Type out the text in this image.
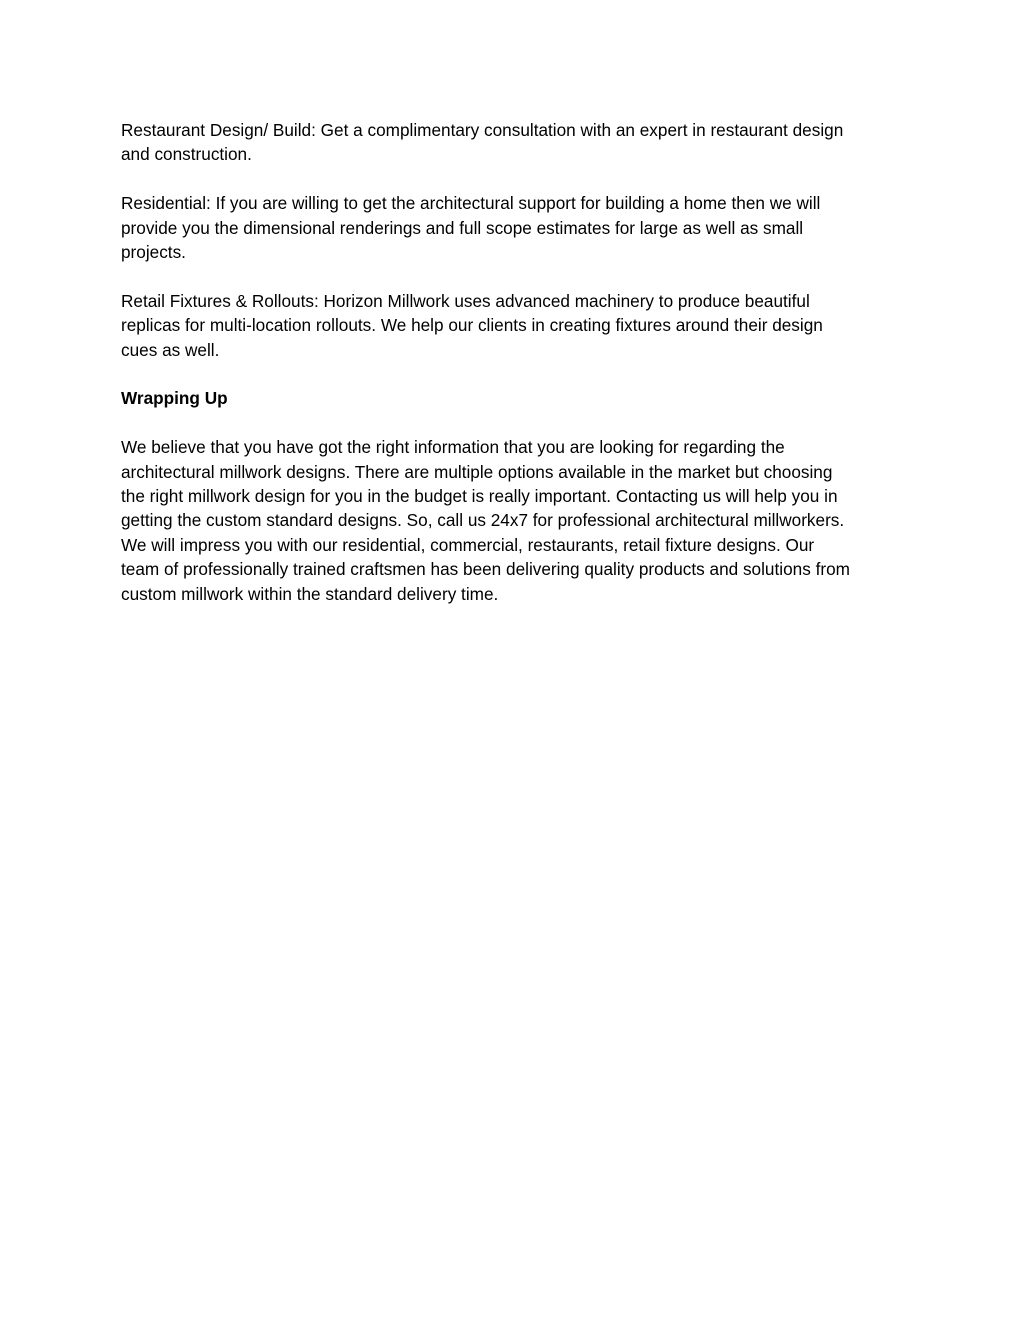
Restaurant Design/ Build: Get a complimentary consultation with an expert in restaurant design
and construction.

Residential: If you are willing to get the architectural support for building a home then we will
provide you the dimensional renderings and full scope estimates for large as well as small
projects.

Retail Fixtures & Rollouts: Horizon Millwork uses advanced machinery to produce beautiful
replicas for multi-location rollouts. We help our clients in creating fixtures around their design
cues as well.

Wrapping Up

We believe that you have got the right information that you are looking for regarding the
architectural millwork designs. There are multiple options available in the market but choosing
the right millwork design for you in the budget is really important. Contacting us will help you in
getting the custom standard designs. So, call us 24x7 for professional architectural millworkers.
We will impress you with our residential, commercial, restaurants, retail fixture designs. Our
team of professionally trained craftsmen has been delivering quality products and solutions from
custom millwork within the standard delivery time.
